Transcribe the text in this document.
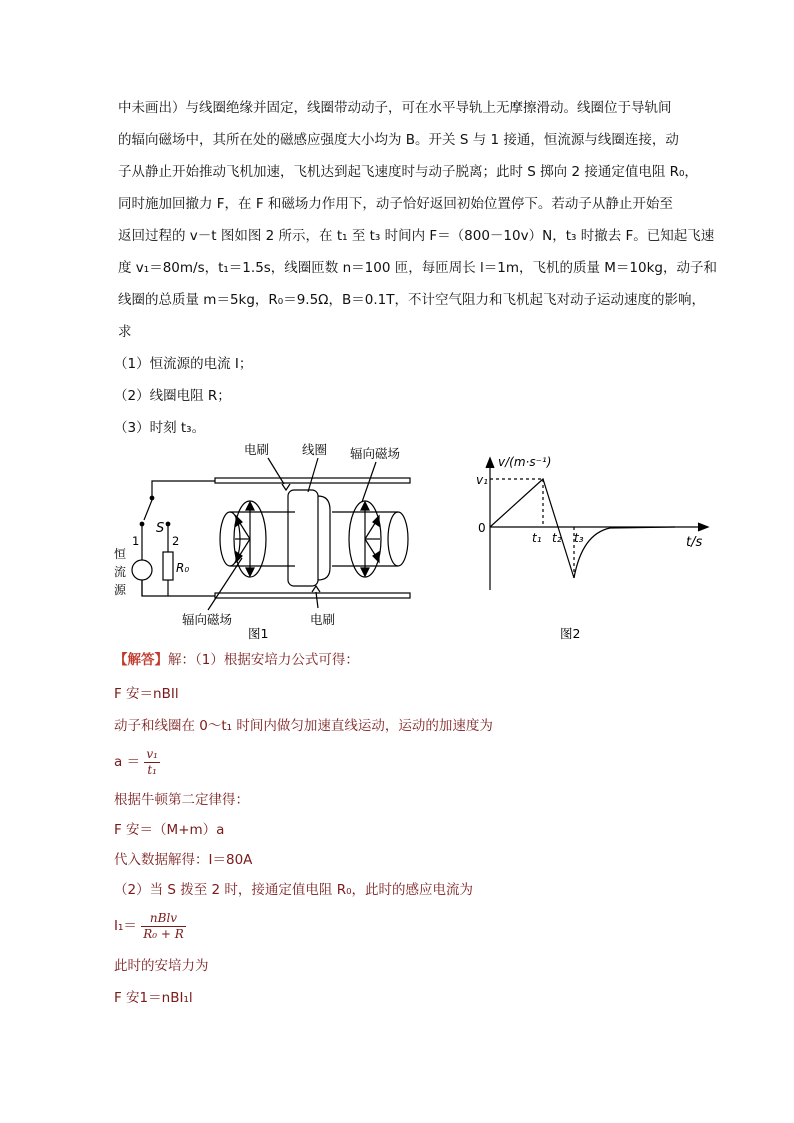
中未画出）与线圈绝缘并固定，线圈带动动子，可在水平导轨上无摩擦滑动。线圈位于导轨间
的辐向磁场中，其所在处的磁感应强度大小均为 B。开关 S 与 1 接通，恒流源与线圈连接，动
子从静止开始推动飞机加速，飞机达到起飞速度时与动子脱离；此时 S 掷向 2 接通定值电阻 R₀，
同时施加回撤力 F，在 F 和磁场力作用下，动子恰好返回初始位置停下。若动子从静止开始至
返回过程的 v－t 图如图 2 所示，在 t₁ 至 t₃ 时间内 F＝（800－10v）N，t₃ 时撤去 F。已知起飞速
度 v₁＝80m/s，t₁＝1.5s，线圈匝数 n＝100 匝，每匝周长 l＝1m，飞机的质量 M＝10kg，动子和
线圈的总质量 m＝5kg，R₀＝9.5Ω，B＝0.1T，不计空气阻力和飞机起飞对动子运动速度的影响，
求
（1）恒流源的电流 I；
（2）线圈电阻 R；
（3）时刻 t₃。
电刷	线圈 辐向磁场
辐向磁场	电刷
1	2
S
R₀
恒
流
源
图1
v/(m·s⁻¹)
v₁
0
t₁ t₂ t₃	t/s
图2
【解答】解：（1）根据安培力公式可得：
F 安＝nBIl
动子和线圈在 0～t₁ 时间内做匀加速直线运动，运动的加速度为
$a = \frac{\text{v₁}}{\text{t₁}}$
根据牛顿第二定律得：
F 安＝（M+m）a
代入数据解得：I＝80A
（2）当 S 拨至 2 时，接通定值电阻 R₀，此时的感应电流为
$I_1= \frac{\text{nBlv}}{\text{R₀ + R}}$
此时的安培力为
F 安1＝nBI₁l
